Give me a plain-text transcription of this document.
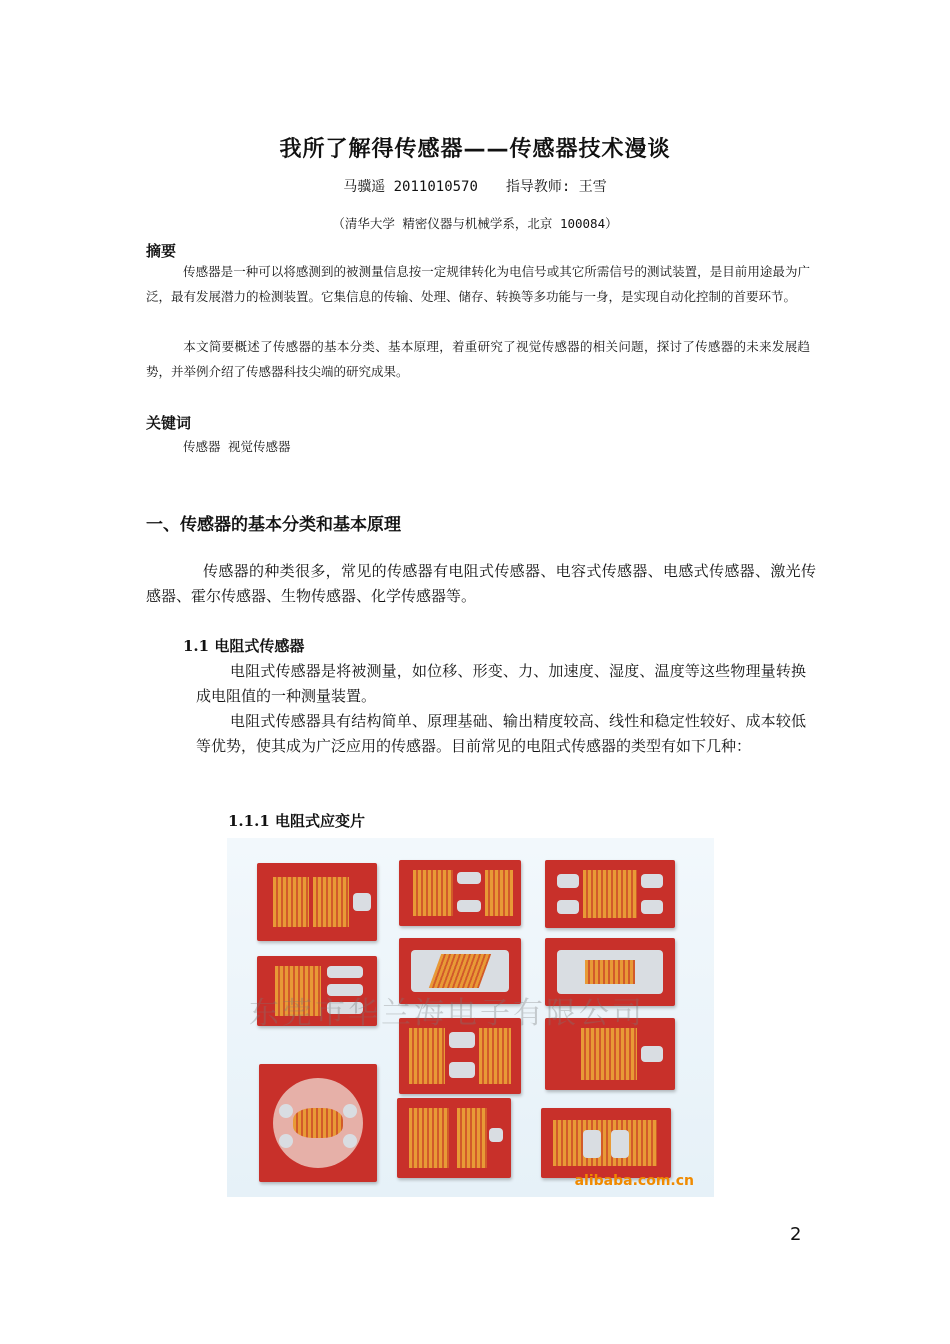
我所了解得传感器——传感器技术漫谈
马骥遥 2011010570 指导教师: 王雪
（清华大学 精密仪器与机械学系，北京 100084）
摘要
传感器是一种可以将感测到的被测量信息按一定规律转化为电信号或其它所需信号的测试装置，是目前用途最为广泛，最有发展潜力的检测装置。它集信息的传输、处理、储存、转换等多功能与一身，是实现自动化控制的首要环节。
本文简要概述了传感器的基本分类、基本原理，着重研究了视觉传感器的相关问题，探讨了传感器的未来发展趋势，并举例介绍了传感器科技尖端的研究成果。
关键词
传感器 视觉传感器
一、传感器的基本分类和基本原理
传感器的种类很多，常见的传感器有电阻式传感器、电容式传感器、电感式传感器、激光传感器、霍尔传感器、生物传感器、化学传感器等。
1.1 电阻式传感器
电阻式传感器是将被测量，如位移、形变、力、加速度、湿度、温度等这些物理量转换成电阻值的一种测量装置。
电阻式传感器具有结构简单、原理基础、输出精度较高、线性和稳定性较好、成本较低等优势，使其成为广泛应用的传感器。目前常见的电阻式传感器的类型有如下几种：
1.1.1 电阻式应变片
东莞市华兰海电子有限公司
alibaba.com.cn
2
